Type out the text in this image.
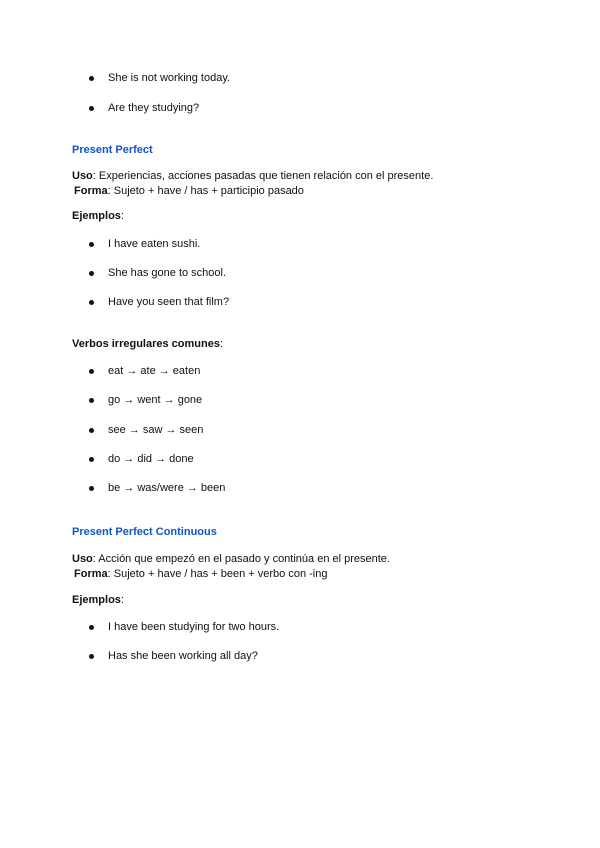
She is not working today.
Are they studying?
Present Perfect
Uso: Experiencias, acciones pasadas que tienen relación con el presente.
Forma: Sujeto + have / has + participio pasado
Ejemplos:
I have eaten sushi.
She has gone to school.
Have you seen that film?
Verbos irregulares comunes:
eat → ate → eaten
go → went → gone
see → saw → seen
do → did → done
be → was/were → been
Present Perfect Continuous
Uso: Acción que empezó en el pasado y continúa en el presente.
Forma: Sujeto + have / has + been + verbo con -ing
Ejemplos:
I have been studying for two hours.
Has she been working all day?
